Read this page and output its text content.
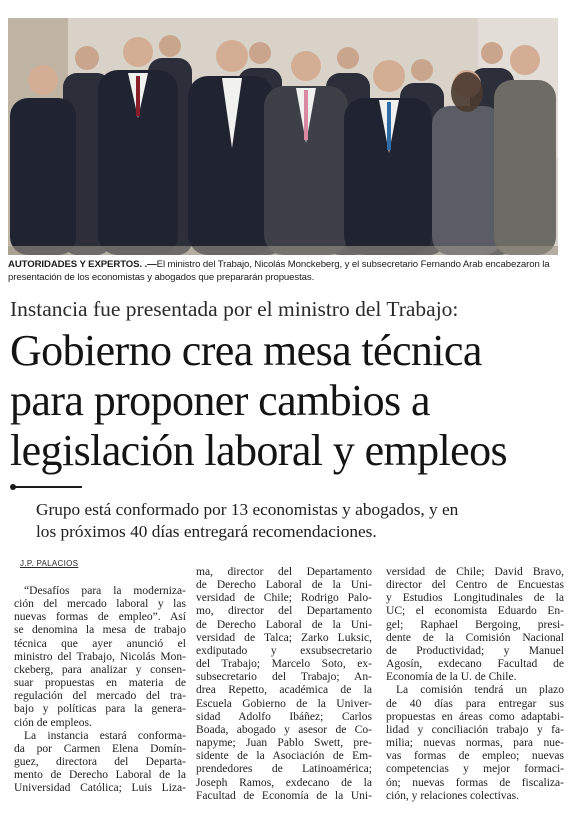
AUTORIDADES Y EXPERTOS. .—El ministro del Trabajo, Nicolás Monckeberg, y el subsecretario Fernando Arab encabezaron la presentación de los economistas y abogados que prepararán propuestas.
Instancia fue presentada por el ministro del Trabajo:
Gobierno crea mesa técnica
para proponer cambios a
legislación laboral y empleos
Grupo está conformado por 13 economistas y abogados, y en
los próximos 40 días entregará recomendaciones.
J.P. PALACIOS
“Desafíos para la moderniza-
ción del mercado laboral y las
nuevas formas de empleo”. Así
se denomina la mesa de trabajo
técnica que ayer anunció el
ministro del Trabajo, Nicolás Mon-
ckeberg, para analizar y consen-
suar propuestas en materia de
regulación del mercado del tra-
bajo y políticas para la genera-
ción de empleos.
La instancia estará conforma-
da por Carmen Elena Domín-
guez, directora del Departa-
mento de Derecho Laboral de la
Universidad Católica; Luis Liza-
ma, director del Departamento
de Derecho Laboral de la Uni-
versidad de Chile; Rodrigo Palo-
mo, director del Departamento
de Derecho Laboral de la Uni-
versidad de Talca; Zarko Luksic,
exdiputado y exsubsecretario
del Trabajo; Marcelo Soto, ex-
subsecretario del Trabajo; An-
drea Repetto, académica de la
Escuela Gobierno de la Univer-
sidad Adolfo Ibáñez; Carlos
Boada, abogado y asesor de Co-
napyme; Juan Pablo Swett, pre-
sidente de la Asociación de Em-
prendedores de Latinoamérica;
Joseph Ramos, exdecano de la
Facultad de Economía de la Uni-
versidad de Chile; David Bravo,
director del Centro de Encuestas
y Estudios Longitudinales de la
UC; el economista Eduardo En-
gel; Raphael Bergoing, presi-
dente de la Comisión Nacional
de Productividad; y Manuel
Agosín, exdecano Facultad de
Economía de la U. de Chile.
La comisión tendrá un plazo
de 40 días para entregar sus
propuestas en áreas como adaptabi-
lidad y conciliación trabajo y fa-
milia; nuevas normas, para nue-
vas formas de empleo; nuevas
competencias y mejor formaci-
ón; nuevas formas de fiscaliza-
ción, y relaciones colectivas.
